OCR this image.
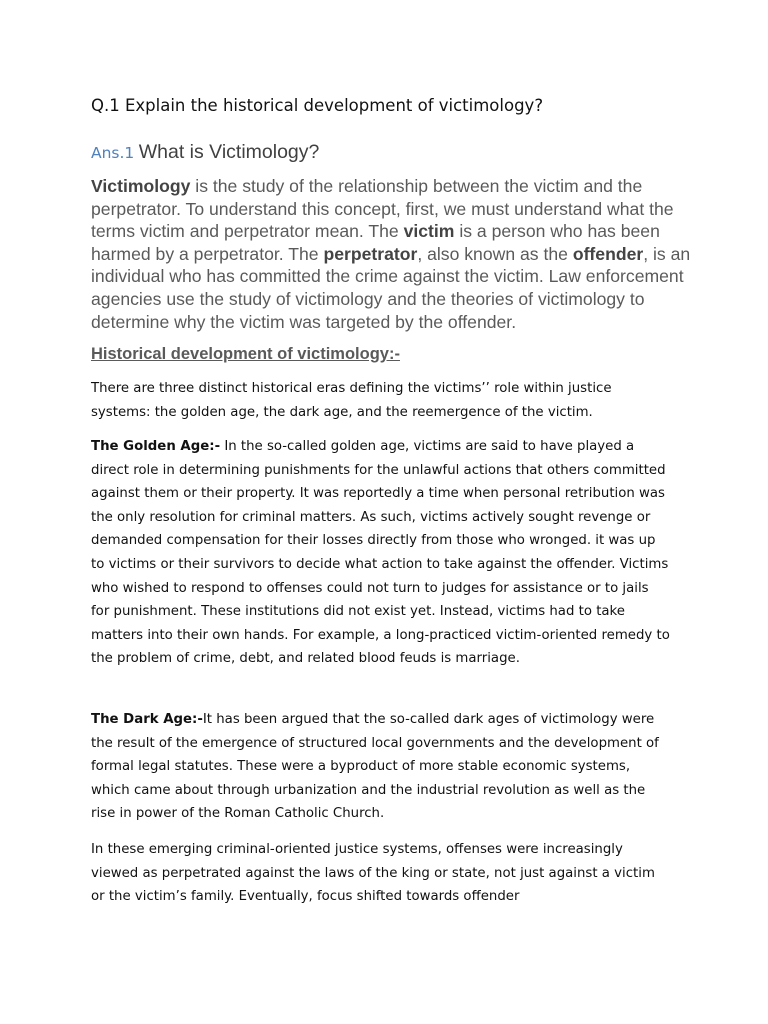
Q.1 Explain the historical development of victimology?
Ans.1 What is Victimology?

Victimology is the study of the relationship between the victim and the perpetrator. To understand this concept, first, we must understand what the terms victim and perpetrator mean. The victim is a person who has been harmed by a perpetrator. The perpetrator, also known as the offender, is an individual who has committed the crime against the victim. Law enforcement agencies use the study of victimology and the theories of victimology to determine why the victim was targeted by the offender.

Historical development of victimology:-

There are three distinct historical eras defining the victims’’ role within justice systems: the golden age, the dark age, and the reemergence of the victim.

The Golden Age:- In the so-called golden age, victims are said to have played a direct role in determining punishments for the unlawful actions that others committed against them or their property. It was reportedly a time when personal retribution was the only resolution for criminal matters. As such, victims actively sought revenge or demanded compensation for their losses directly from those who wronged. it was up to victims or their survivors to decide what action to take against the offender. Victims who wished to respond to offenses could not turn to judges for assistance or to jails for punishment. These institutions did not exist yet. Instead, victims had to take matters into their own hands. For example, a long-practiced victim-oriented remedy to the problem of crime, debt, and related blood feuds is marriage.

The Dark Age:-It has been argued that the so-called dark ages of victimology were the result of the emergence of structured local governments and the development of formal legal statutes. These were a byproduct of more stable economic systems, which came about through urbanization and the industrial revolution as well as the rise in power of the Roman Catholic Church.

In these emerging criminal-oriented justice systems, offenses were increasingly viewed as perpetrated against the laws of the king or state, not just against a victim or the victim’s family. Eventually, focus shifted towards offender
